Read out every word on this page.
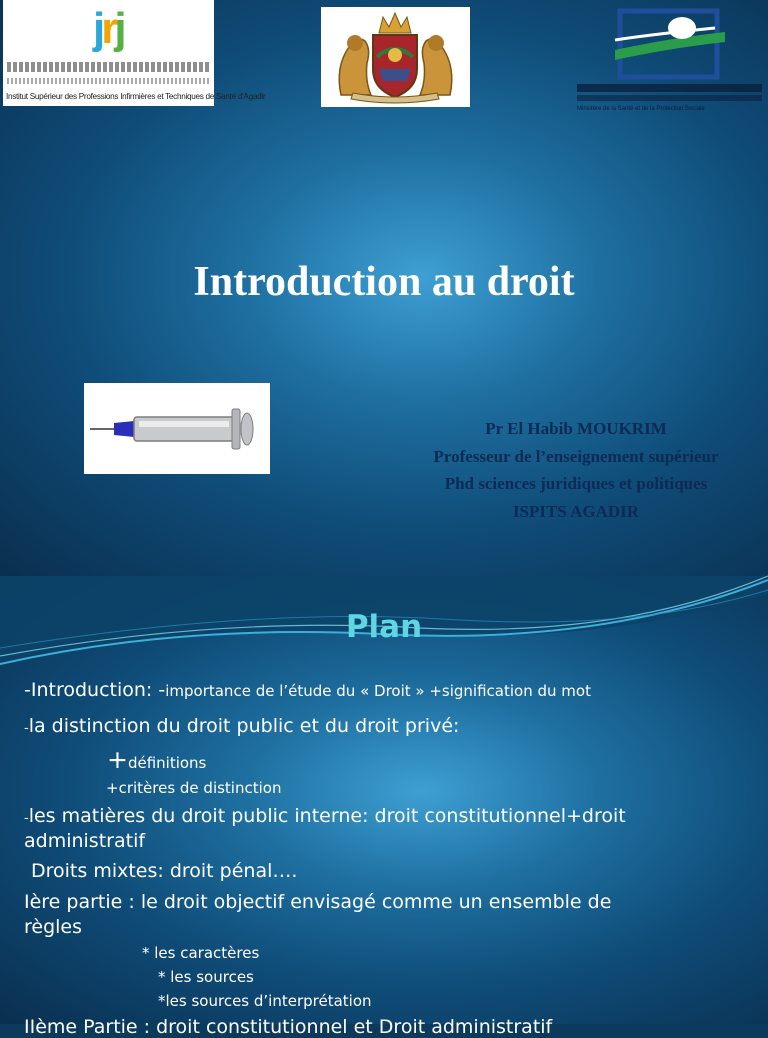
jrj
Institut Supérieur des Professions Infirmières et Techniques de Santé d'Agadir
Ministère de la Santé et de la Protection Sociale
Introduction au droit
Pr El Habib MOUKRIM
Professeur de l’enseignement supérieur
Phd sciences juridiques et politiques
ISPITS AGADIR
Plan
-Introduction: -importance de l’étude du « Droit » +signification du mot
-la distinction du droit public et du droit privé:
+définitions
+critères de distinction
-les matières du droit public interne: droit constitutionnel+droit
administratif
Droits mixtes: droit pénal….
Ière partie : le droit objectif envisagé comme un ensemble de
règles
* les caractères
* les sources
*les sources d’interprétation
IIème Partie : droit constitutionnel et Droit administratif
